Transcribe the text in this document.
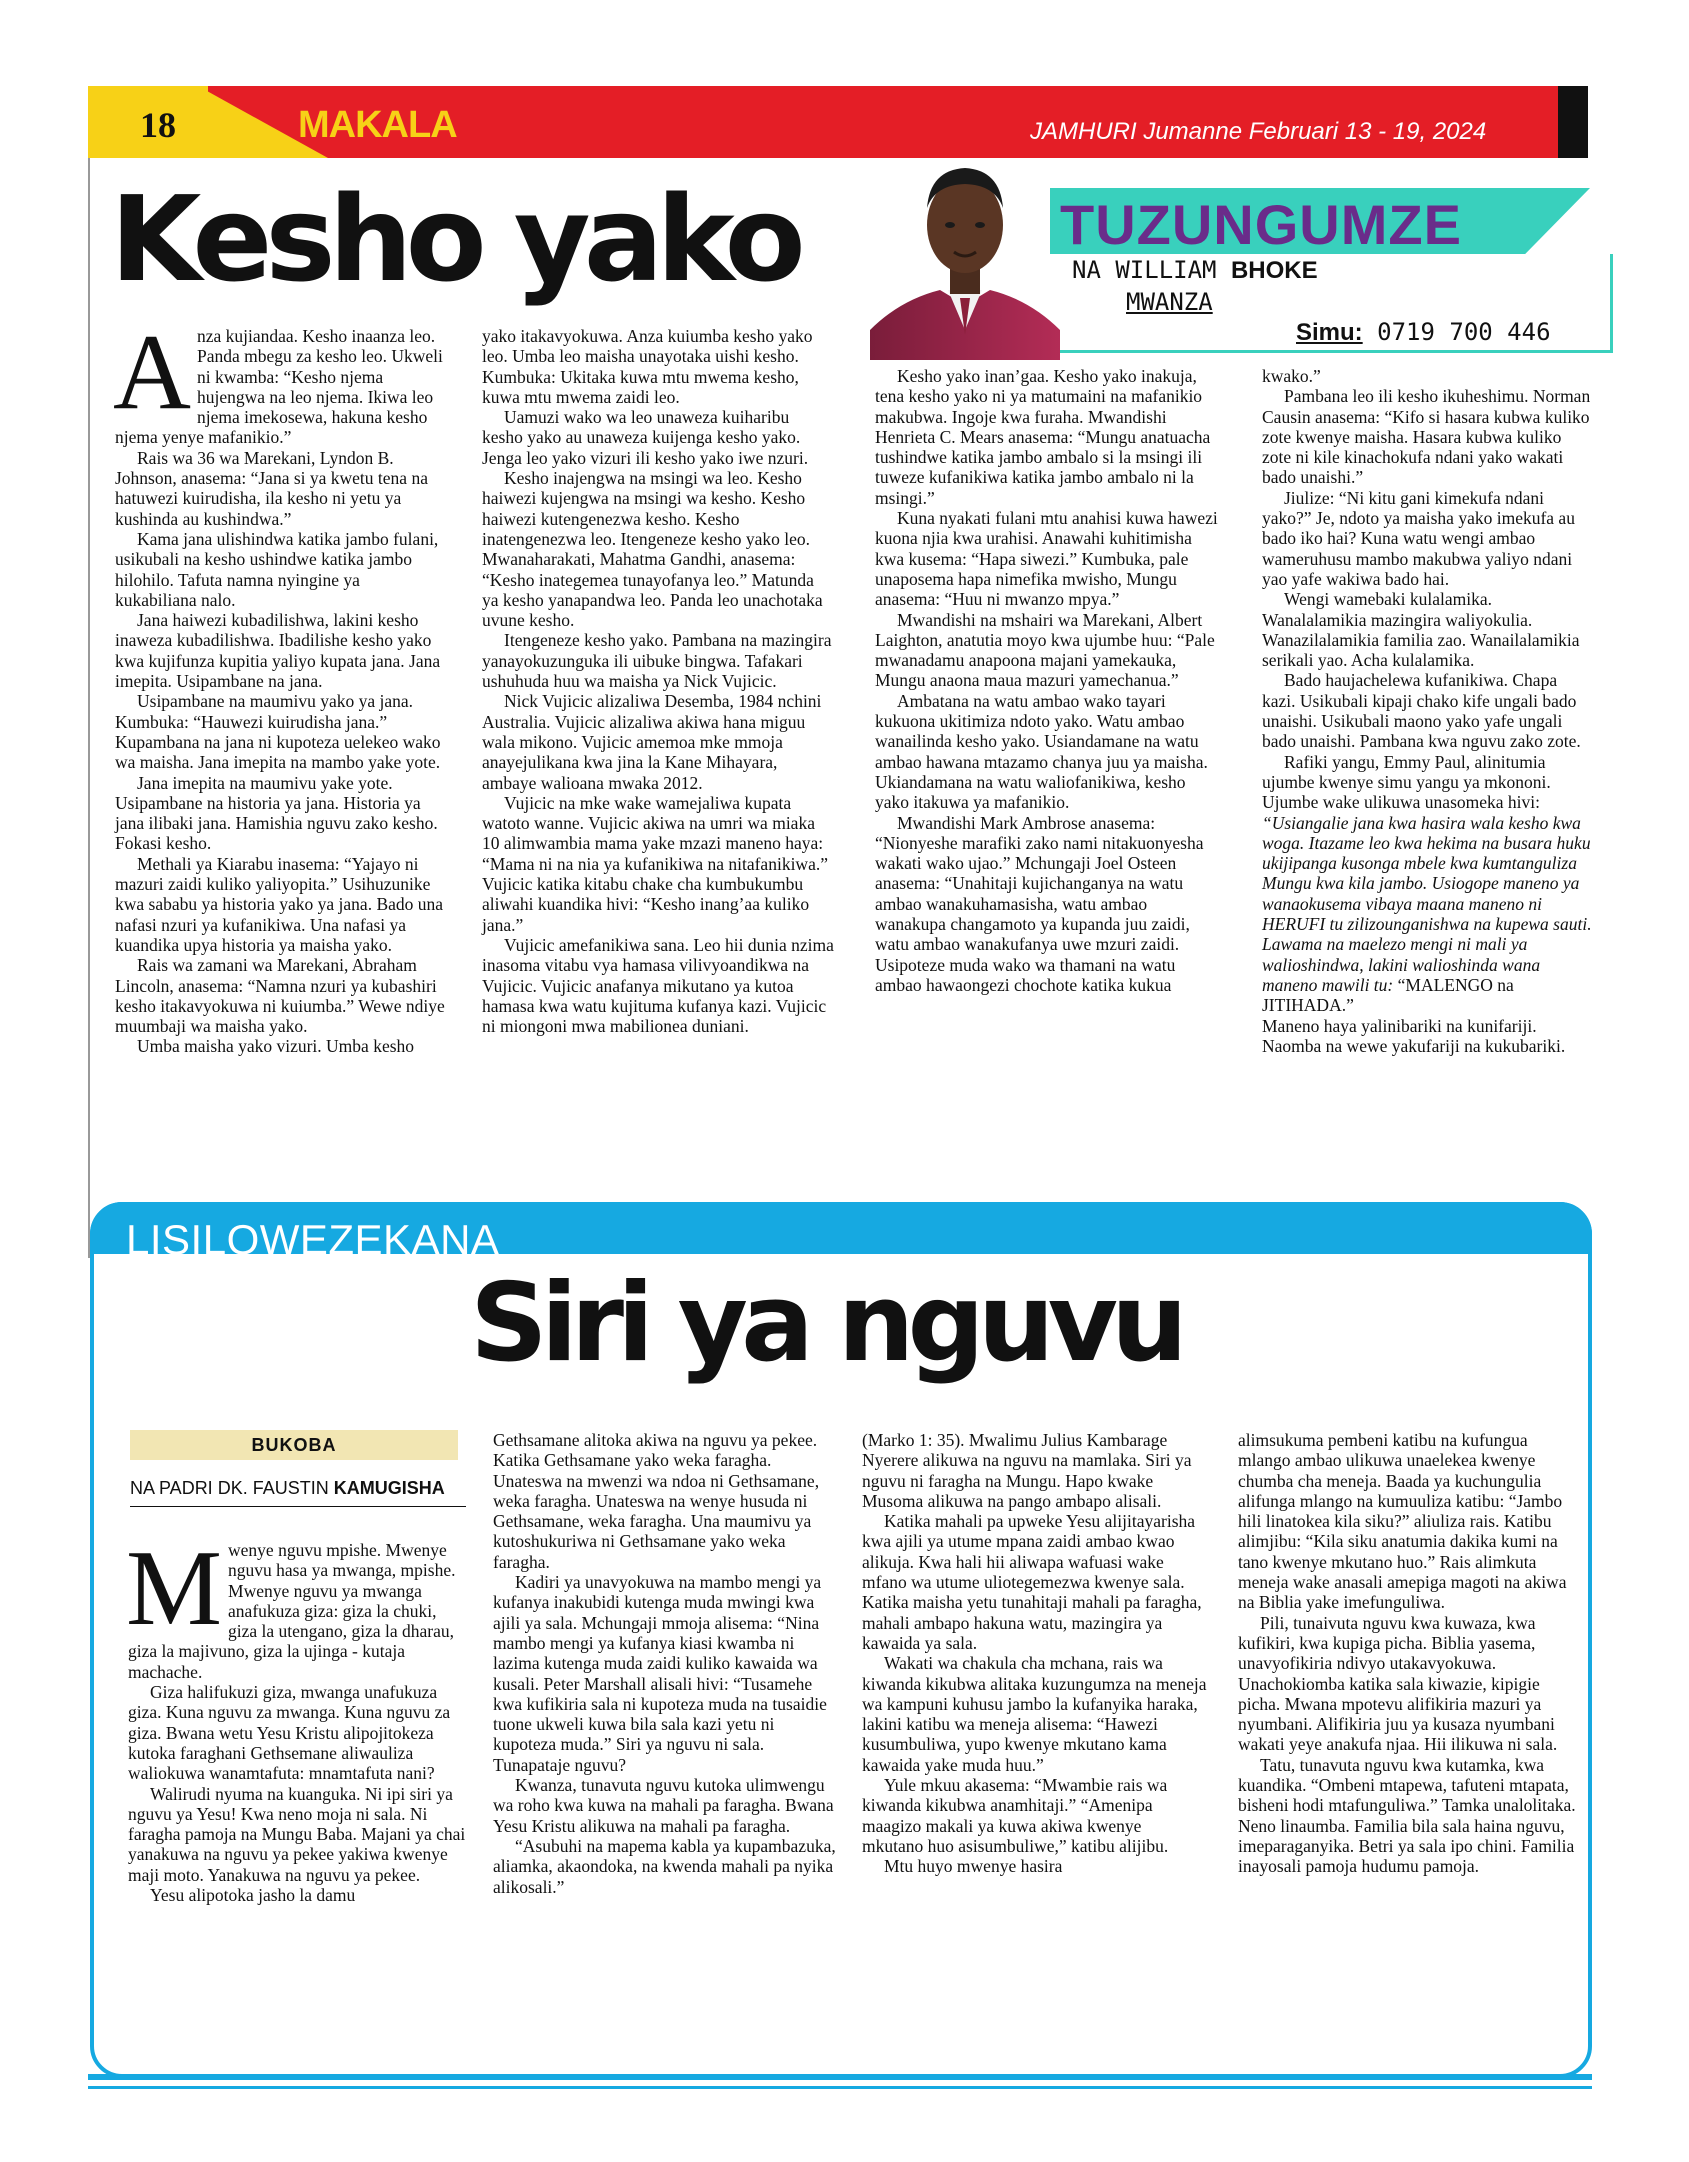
18	MAKALA	JAMHURI Jumanne Februari 13 - 19, 2024
Kesho yako	TUZUNGUMZE
NA WILLIAM BHOKE
MWANZA
Simu: 0719 700 446
A nza kujiandaa. Kesho inaanza leo. Panda mbegu za kesho leo. Ukweli ni kwamba: “Kesho njema hujengwa na leo njema. Ikiwa leo njema imekosewa, hakuna kesho njema yenye mafanikio.”

Rais wa 36 wa Marekani, Lyndon B. Johnson, anasema: “Jana si ya kwetu tena na hatuwezi kuirudisha, ila kesho ni yetu ya kushinda au kushindwa.”

Kama jana ulishindwa katika jambo fulani, usikubali na kesho ushindwe katika jambo hilohilo. Tafuta namna nyingine ya kukabiliana nalo.

Jana haiwezi kubadilishwa, lakini kesho inaweza kubadilishwa. Ibadilishe kesho yako kwa kujifunza kupitia yaliyo kupata jana. Jana imepita. Usipambane na jana.

Usipambane na maumivu yako ya jana. Kumbuka: “Hauwezi kuirudisha jana.” Kupambana na jana ni kupoteza uelekeo wako wa maisha. Jana imepita na mambo yake yote.

Jana imepita na maumivu yake yote. Usipambane na historia ya jana. Historia ya jana ilibaki jana. Hamishia nguvu zako kesho. Fokasi kesho.

Methali ya Kiarabu inasema: “Yajayo ni mazuri zaidi kuliko yaliyopita.” Usihuzunike kwa sababu ya historia yako ya jana. Bado una nafasi nzuri ya kufanikiwa. Una nafasi ya kuandika upya historia ya maisha yako.

Rais wa zamani wa Marekani, Abraham Lincoln, anasema: “Namna nzuri ya kubashiri kesho itakavyokuwa ni kuiumba.” Wewe ndiye muumbaji wa maisha yako.

Umba maisha yako vizuri. Umba kesho

yako itakavyokuwa. Anza kuiumba kesho yako leo. Umba leo maisha unayotaka uishi kesho. Kumbuka: Ukitaka kuwa mtu mwema kesho, kuwa mtu mwema zaidi leo.

Uamuzi wako wa leo unaweza kuiharibu kesho yako au unaweza kuijenga kesho yako. Jenga leo yako vizuri ili kesho yako iwe nzuri.

Kesho inajengwa na msingi wa leo. Kesho haiwezi kujengwa na msingi wa kesho. Kesho haiwezi kutengenezwa kesho. Kesho inatengenezwa leo. Itengeneze kesho yako leo. Mwanaharakati, Mahatma Gandhi, anasema: “Kesho inategemea tunayofanya leo.” Matunda ya kesho yanapandwa leo. Panda leo unachotaka uvune kesho.

Itengeneze kesho yako. Pambana na mazingira yanayokuzunguka ili uibuke bingwa. Tafakari ushuhuda huu wa maisha ya Nick Vujicic.

Nick Vujicic alizaliwa Desemba, 1984 nchini Australia. Vujicic alizaliwa akiwa hana miguu wala mikono. Vujicic amemoa mke mmoja anayejulikana kwa jina la Kane Mihayara, ambaye walioana mwaka 2012.

Vujicic na mke wake wamejaliwa kupata watoto wanne. Vujicic akiwa na umri wa miaka 10 alimwambia mama yake mzazi maneno haya: “Mama ni na nia ya kufanikiwa na nitafanikiwa.” Vujicic katika kitabu chake cha kumbukumbu aliwahi kuandika hivi: “Kesho inang’aa kuliko jana.”

Vujicic amefanikiwa sana. Leo hii dunia nzima inasoma vitabu vya hamasa vilivyoandikwa na Vujicic. Vujicic anafanya mikutano ya kutoa hamasa kwa watu kujituma kufanya kazi. Vujicic ni miongoni mwa mabilionea duniani.

Kesho yako inan’gaa. Kesho yako inakuja, tena kesho yako ni ya matumaini na mafanikio makubwa. Ingoje kwa furaha. Mwandishi Henrieta C. Mears anasema: “Mungu anatuacha tushindwe katika jambo ambalo si la msingi ili tuweze kufanikiwa katika jambo ambalo ni la msingi.”

Kuna nyakati fulani mtu anahisi kuwa hawezi kuona njia kwa urahisi. Anawahi kuhitimisha kwa kusema: “Hapa siwezi.” Kumbuka, pale unaposema hapa nimefika mwisho, Mungu anasema: “Huu ni mwanzo mpya.”

Mwandishi na mshairi wa Marekani, Albert Laighton, anatutia moyo kwa ujumbe huu: “Pale mwanadamu anapoona majani yamekauka, Mungu anaona maua mazuri yamechanua.”

Ambatana na watu ambao wako tayari kukuona ukitimiza ndoto yako. Watu ambao wanailinda kesho yako. Usiandamane na watu ambao hawana mtazamo chanya juu ya maisha. Ukiandamana na watu waliofanikiwa, kesho yako itakuwa ya mafanikio.

Mwandishi Mark Ambrose anasema: “Nionyeshe marafiki zako nami nitakuonyesha wakati wako ujao.” Mchungaji Joel Osteen anasema: “Unahitaji kujichanganya na watu ambao wanakuhamasisha, watu ambao wanakupa changamoto ya kupanda juu zaidi, watu ambao wanakufanya uwe mzuri zaidi. Usipoteze muda wako wa thamani na watu ambao hawaongezi chochote katika kukua

kwako.”

Pambana leo ili kesho ikuheshimu. Norman Causin anasema: “Kifo si hasara kubwa kuliko zote kwenye maisha. Hasara kubwa kuliko zote ni kile kinachokufa ndani yako wakati bado unaishi.”

Jiulize: “Ni kitu gani kimekufa ndani yako?” Je, ndoto ya maisha yako imekufa au bado iko hai? Kuna watu wengi ambao wameruhusu mambo makubwa yaliyo ndani yao yafe wakiwa bado hai.

Wengi wamebaki kulalamika. Wanalalamikia mazingira waliyokulia. Wanazilalamikia familia zao. Wanailalamikia serikali yao. Acha kulalamika.

Bado haujachelewa kufanikiwa. Chapa kazi. Usikubali kipaji chako kife ungali bado unaishi. Usikubali maono yako yafe ungali bado unaishi. Pambana kwa nguvu zako zote.

Rafiki yangu, Emmy Paul, alinitumia ujumbe kwenye simu yangu ya mkononi. Ujumbe wake ulikuwa unasomeka hivi:

“Usiangalie jana kwa hasira wala kesho kwa woga. Itazame leo kwa hekima na busara huku ukijipanga kusonga mbele kwa kumtanguliza Mungu kwa kila jambo. Usiogope maneno ya wanaokusema vibaya maana maneno ni HERUFI tu zilizounganishwa na kupewa sauti. Lawama na maelezo mengi ni mali ya walioshindwa, lakini walioshinda wana maneno mawili tu: “MALENGO na JITIHADA.”

Maneno haya yalinibariki na kunifariji. Naomba na wewe yakufariji na kukubariki.

LISILOWEZEKANA
Siri ya nguvu
BUKOBA
NA PADRI DK. FAUSTIN KAMUGISHA
M wenye nguvu mpishe. Mwenye nguvu hasa ya mwanga, mpishe. Mwenye nguvu ya mwanga anafukuza giza: giza la chuki, giza la utengano, giza la dharau, giza la majivuno, giza la ujinga - kutaja machache.

Giza halifukuzi giza, mwanga unafukuza giza. Kuna nguvu za mwanga. Kuna nguvu za giza. Bwana wetu Yesu Kristu alipojitokeza kutoka faraghani Gethsemane aliwauliza waliokuwa wanamtafuta: mnamtafuta nani?

Walirudi nyuma na kuanguka. Ni ipi siri ya nguvu ya Yesu! Kwa neno moja ni sala. Ni faragha pamoja na Mungu Baba. Majani ya chai yanakuwa na nguvu ya pekee yakiwa kwenye maji moto. Yanakuwa na nguvu ya pekee.

Yesu alipotoka jasho la damu

Gethsamane alitoka akiwa na nguvu ya pekee. Katika Gethsamane yako weka faragha. Unateswa na mwenzi wa ndoa ni Gethsamane, weka faragha. Unateswa na wenye husuda ni Gethsamane, weka faragha. Una maumivu ya kutoshukuriwa ni Gethsamane yako weka faragha.

Kadiri ya unavyokuwa na mambo mengi ya kufanya inakubidi kutenga muda mwingi kwa ajili ya sala. Mchungaji mmoja alisema: “Nina mambo mengi ya kufanya kiasi kwamba ni lazima kutenga muda zaidi kuliko kawaida wa kusali. Peter Marshall alisali hivi: “Tusamehe kwa kufikiria sala ni kupoteza muda na tusaidie tuone ukweli kuwa bila sala kazi yetu ni kupoteza muda.” Siri ya nguvu ni sala. Tunapataje nguvu?

Kwanza, tunavuta nguvu kutoka ulimwengu wa roho kwa kuwa na mahali pa faragha. Bwana Yesu Kristu alikuwa na mahali pa faragha.

“Asubuhi na mapema kabla ya kupambazuka, aliamka, akaondoka, na kwenda mahali pa nyika alikosali.”

(Marko 1: 35). Mwalimu Julius Kambarage Nyerere alikuwa na nguvu na mamlaka. Siri ya nguvu ni faragha na Mungu. Hapo kwake Musoma alikuwa na pango ambapo alisali.

Katika mahali pa upweke Yesu alijitayarisha kwa ajili ya utume mpana zaidi ambao kwao alikuja. Kwa hali hii aliwapa wafuasi wake mfano wa utume uliotegemezwa kwenye sala. Katika maisha yetu tunahitaji mahali pa faragha, mahali ambapo hakuna watu, mazingira ya kawaida ya sala.

Wakati wa chakula cha mchana, rais wa kiwanda kikubwa alitaka kuzungumza na meneja wa kampuni kuhusu jambo la kufanyika haraka, lakini katibu wa meneja alisema: “Hawezi kusumbuliwa, yupo kwenye mkutano kama kawaida yake muda huu.”

Yule mkuu akasema: “Mwambie rais wa kiwanda kikubwa anamhitaji.” “Amenipa maagizo makali ya kuwa akiwa kwenye mkutano huo asisumbuliwe,” katibu alijibu.

Mtu huyo mwenye hasira

alimsukuma pembeni katibu na kufungua mlango ambao ulikuwa unaelekea kwenye chumba cha meneja. Baada ya kuchungulia alifunga mlango na kumuuliza katibu: “Jambo hili linatokea kila siku?” aliuliza rais. Katibu alimjibu: “Kila siku anatumia dakika kumi na tano kwenye mkutano huo.” Rais alimkuta meneja wake anasali amepiga magoti na akiwa na Biblia yake imefunguliwa.

Pili, tunaivuta nguvu kwa kuwaza, kwa kufikiri, kwa kupiga picha. Biblia yasema, unavyofikiria ndivyo utakavyokuwa. Unachokiomba katika sala kiwazie, kipigie picha. Mwana mpotevu alifikiria mazuri ya nyumbani. Alifikiria juu ya kusaza nyumbani wakati yeye anakufa njaa. Hii ilikuwa ni sala.

Tatu, tunavuta nguvu kwa kutamka, kwa kuandika. “Ombeni mtapewa, tafuteni mtapata, bisheni hodi mtafunguliwa.” Tamka unalolitaka. Neno linaumba. Familia bila sala haina nguvu, imeparaganyika. Betri ya sala ipo chini. Familia inayosali pamoja hudumu pamoja.
